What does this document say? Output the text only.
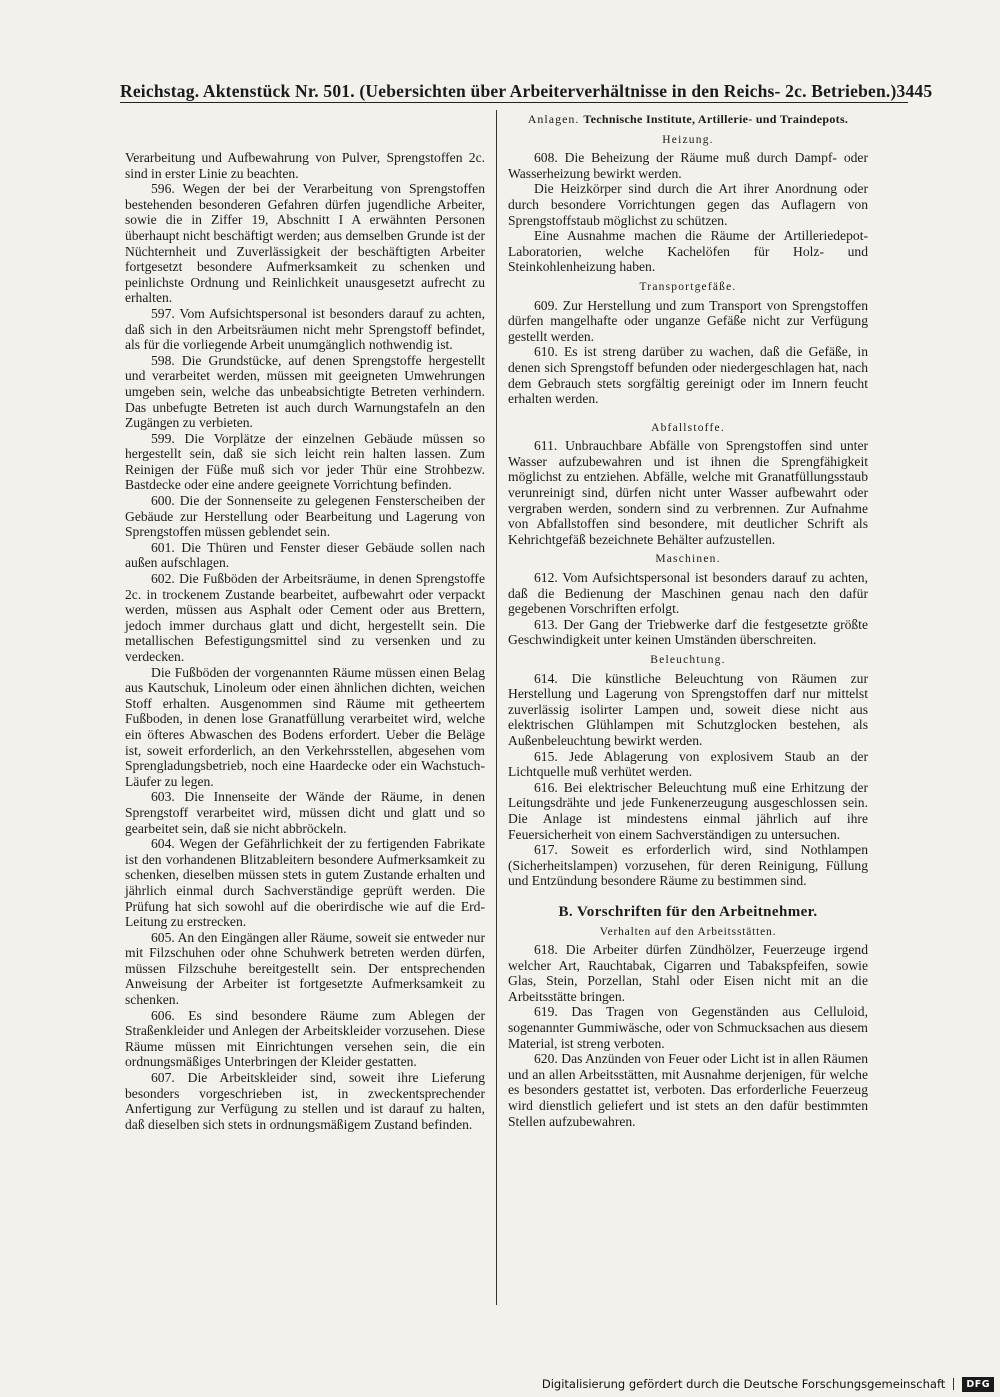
Reichstag. Aktenstück Nr. 501. (Uebersichten über Arbeiterverhältnisse in den Reichs- 2c. Betrieben.) 3445

Verarbeitung und Aufbewahrung von Pulver, Sprengstoffen 2c. sind in erster Linie zu beachten.

596. Wegen der bei der Verarbeitung von Sprengstoffen bestehenden besonderen Gefahren dürfen jugendliche Arbeiter, sowie die in Ziffer 19, Abschnitt I A erwähnten Personen überhaupt nicht beschäftigt werden; aus demselben Grunde ist der Nüchternheit und Zuverlässigkeit der beschäftigten Arbeiter fortgesetzt besondere Aufmerksamkeit zu schenken und peinlichste Ordnung und Reinlichkeit unausgesetzt aufrecht zu erhalten.

597. Vom Aufsichtspersonal ist besonders darauf zu achten, daß sich in den Arbeitsräumen nicht mehr Sprengstoff befindet, als für die vorliegende Arbeit unumgänglich nothwendig ist.

598. Die Grundstücke, auf denen Sprengstoffe hergestellt und verarbeitet werden, müssen mit geeigneten Umwehrungen umgeben sein, welche das unbeabsichtigte Betreten verhindern. Das unbefugte Betreten ist auch durch Warnungstafeln an den Zugängen zu verbieten.

599. Die Vorplätze der einzelnen Gebäude müssen so hergestellt sein, daß sie sich leicht rein halten lassen. Zum Reinigen der Füße muß sich vor jeder Thür eine Strohbezw. Bastdecke oder eine andere geeignete Vorrichtung befinden.

600. Die der Sonnenseite zu gelegenen Fensterscheiben der Gebäude zur Herstellung oder Bearbeitung und Lagerung von Sprengstoffen müssen geblendet sein.

601. Die Thüren und Fenster dieser Gebäude sollen nach außen aufschlagen.

602. Die Fußböden der Arbeitsräume, in denen Sprengstoffe 2c. in trockenem Zustande bearbeitet, aufbewahrt oder verpackt werden, müssen aus Asphalt oder Cement oder aus Brettern, jedoch immer durchaus glatt und dicht, hergestellt sein. Die metallischen Befestigungsmittel sind zu versenken und zu verdecken.

Die Fußböden der vorgenannten Räume müssen einen Belag aus Kautschuk, Linoleum oder einen ähnlichen dichten, weichen Stoff erhalten. Ausgenommen sind Räume mit getheertem Fußboden, in denen lose Granatfüllung verarbeitet wird, welche ein öfteres Abwaschen des Bodens erfordert. Ueber die Beläge ist, soweit erforderlich, an den Verkehrsstellen, abgesehen vom Sprengladungsbetrieb, noch eine Haardecke oder ein Wachstuch-Läufer zu legen.

603. Die Innenseite der Wände der Räume, in denen Sprengstoff verarbeitet wird, müssen dicht und glatt und so gearbeitet sein, daß sie nicht abbröckeln.

604. Wegen der Gefährlichkeit der zu fertigenden Fabrikate ist den vorhandenen Blitzableitern besondere Aufmerksamkeit zu schenken, dieselben müssen stets in gutem Zustande erhalten und jährlich einmal durch Sachverständige geprüft werden. Die Prüfung hat sich sowohl auf die oberirdische wie auf die Erd-Leitung zu erstrecken.

605. An den Eingängen aller Räume, soweit sie entweder nur mit Filzschuhen oder ohne Schuhwerk betreten werden dürfen, müssen Filzschuhe bereitgestellt sein. Der entsprechenden Anweisung der Arbeiter ist fortgesetzte Aufmerksamkeit zu schenken.

606. Es sind besondere Räume zum Ablegen der Straßenkleider und Anlegen der Arbeitskleider vorzusehen. Diese Räume müssen mit Einrichtungen versehen sein, die ein ordnungsmäßiges Unterbringen der Kleider gestatten.

607. Die Arbeitskleider sind, soweit ihre Lieferung besonders vorgeschrieben ist, in zweckentsprechender Anfertigung zur Verfügung zu stellen und ist darauf zu halten, daß dieselben sich stets in ordnungsmäßigem Zustand befinden.

Anlagen. Technische Institute, Artillerie- und Traindepots.

Heizung.

608. Die Beheizung der Räume muß durch Dampf- oder Wasserheizung bewirkt werden.

Die Heizkörper sind durch die Art ihrer Anordnung oder durch besondere Vorrichtungen gegen das Auflagern von Sprengstoffstaub möglichst zu schützen.

Eine Ausnahme machen die Räume der Artilleriedepot-Laboratorien, welche Kachelöfen für Holz- und Steinkohlenheizung haben.

Transportgefäße.

609. Zur Herstellung und zum Transport von Sprengstoffen dürfen mangelhafte oder unganze Gefäße nicht zur Verfügung gestellt werden.

610. Es ist streng darüber zu wachen, daß die Gefäße, in denen sich Sprengstoff befunden oder niedergeschlagen hat, nach dem Gebrauch stets sorgfältig gereinigt oder im Innern feucht erhalten werden.

Abfallstoffe.

611. Unbrauchbare Abfälle von Sprengstoffen sind unter Wasser aufzubewahren und ist ihnen die Sprengfähigkeit möglichst zu entziehen. Abfälle, welche mit Granatfüllungsstaub verunreinigt sind, dürfen nicht unter Wasser aufbewahrt oder vergraben werden, sondern sind zu verbrennen. Zur Aufnahme von Abfallstoffen sind besondere, mit deutlicher Schrift als Kehrichtgefäß bezeichnete Behälter aufzustellen.

Maschinen.

612. Vom Aufsichtspersonal ist besonders darauf zu achten, daß die Bedienung der Maschinen genau nach den dafür gegebenen Vorschriften erfolgt.

613. Der Gang der Triebwerke darf die festgesetzte größte Geschwindigkeit unter keinen Umständen überschreiten.

Beleuchtung.

614. Die künstliche Beleuchtung von Räumen zur Herstellung und Lagerung von Sprengstoffen darf nur mittelst zuverlässig isolirter Lampen und, soweit diese nicht aus elektrischen Glühlampen mit Schutzglocken bestehen, als Außenbeleuchtung bewirkt werden.

615. Jede Ablagerung von explosivem Staub an der Lichtquelle muß verhütet werden.

616. Bei elektrischer Beleuchtung muß eine Erhitzung der Leitungsdrähte und jede Funkenerzeugung ausgeschlossen sein. Die Anlage ist mindestens einmal jährlich auf ihre Feuersicherheit von einem Sachverständigen zu untersuchen.

617. Soweit es erforderlich wird, sind Nothlampen (Sicherheitslampen) vorzusehen, für deren Reinigung, Füllung und Entzündung besondere Räume zu bestimmen sind.

B. Vorschriften für den Arbeitnehmer.

Verhalten auf den Arbeitsstätten.

618. Die Arbeiter dürfen Zündhölzer, Feuerzeuge irgend welcher Art, Rauchtabak, Cigarren und Tabakspfeifen, sowie Glas, Stein, Porzellan, Stahl oder Eisen nicht mit an die Arbeitsstätte bringen.

619. Das Tragen von Gegenständen aus Celluloid, sogenannter Gummiwäsche, oder von Schmucksachen aus diesem Material, ist streng verboten.

620. Das Anzünden von Feuer oder Licht ist in allen Räumen und an allen Arbeitsstätten, mit Ausnahme derjenigen, für welche es besonders gestattet ist, verboten. Das erforderliche Feuerzeug wird dienstlich geliefert und ist stets an den dafür bestimmten Stellen aufzubewahren.

Digitalisierung gefördert durch die Deutsche Forschungsgemeinschaft	DFG
